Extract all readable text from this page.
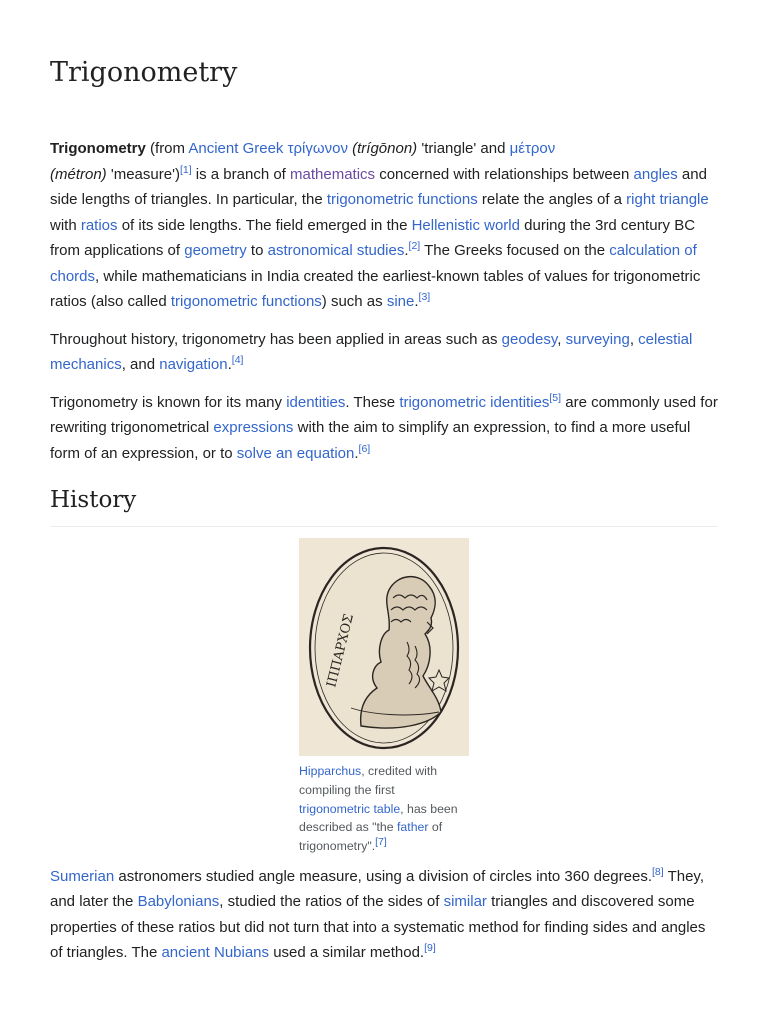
Trigonometry

Trigonometry (from Ancient Greek τρίγωνον (trígōnon) 'triangle' and μέτρον
(métron) 'measure')[1] is a branch of mathematics concerned with relationships between angles and side lengths of triangles. In particular, the trigonometric functions relate the angles of a right triangle with ratios of its side lengths. The field emerged in the Hellenistic world during the 3rd century BC from applications of geometry to astronomical studies.[2] The Greeks focused on the calculation of chords, while mathematicians in India created the earliest-known tables of values for trigonometric ratios (also called trigonometric functions) such as sine.[3]

Throughout history, trigonometry has been applied in areas such as geodesy, surveying, celestial mechanics, and navigation.[4]

Trigonometry is known for its many identities. These trigonometric identities[5] are commonly used for rewriting trigonometrical expressions with the aim to simplify an expression, to find a more useful form of an expression, or to solve an equation.[6]

History
ΙΠΠΑΡΧΟΣ
Hipparchus, credited with compiling the first trigonometric table, has been described as "the father of trigonometry".[7]

Sumerian astronomers studied angle measure, using a division of circles into 360 degrees.[8] They, and later the Babylonians, studied the ratios of the sides of similar triangles and discovered some properties of these ratios but did not turn that into a systematic method for finding sides and angles of triangles. The ancient Nubians used a similar method.[9]
